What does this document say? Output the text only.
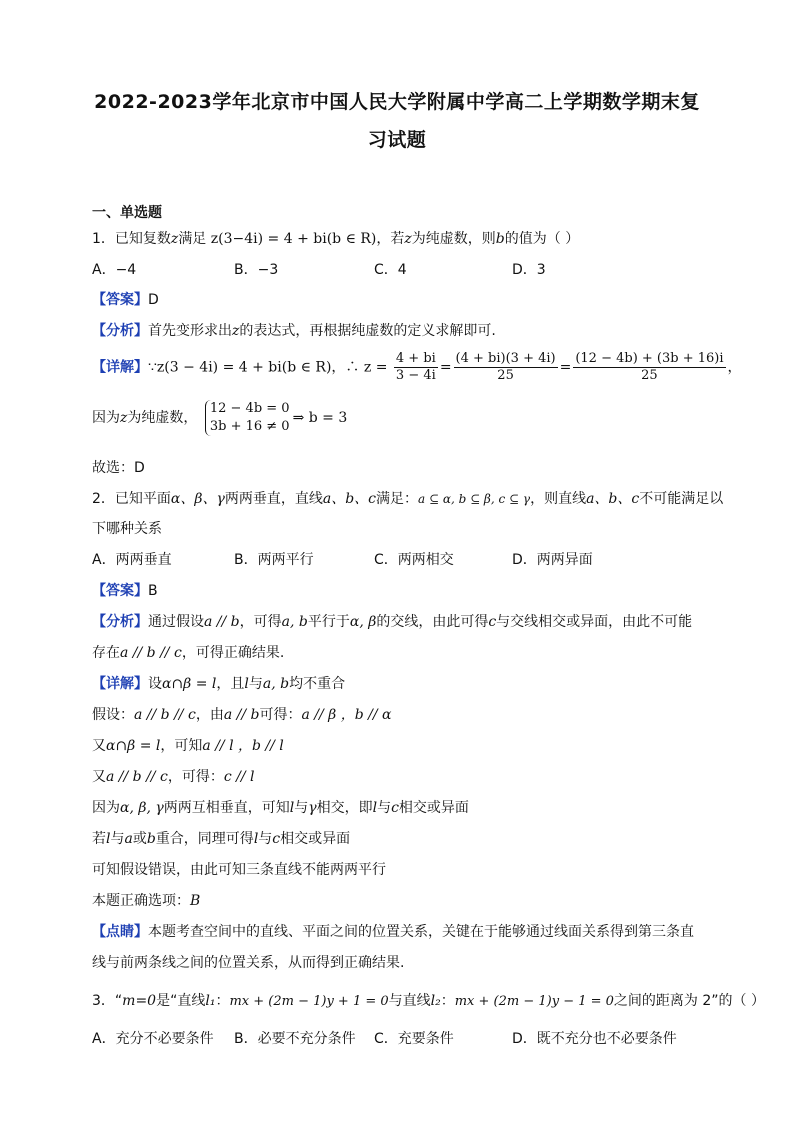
2022-2023学年北京市中国人民大学附属中学高二上学期数学期末复
习试题
一、单选题
1．已知复数z满足 z(3−4i) = 4 + bi(b ∈ R)，若z为纯虚数，则b的值为（ ）
A．−4	B．−3	C．4	D．3
【答案】D
【分析】首先变形求出z的表达式，再根据纯虚数的定义求解即可.
【详解】∵z(3 − 4i) = 4 + bi(b ∈ R)，∴ $z = \frac{4 + bi}{3 - 4i} = \frac{(4 + bi)(3 + 4i)}{25} = \frac{(12 - 4b) + (3b + 16)i}{25}$ ，
因为z为纯虚数，
12 − 4b = 0
3b + 16 ≠ 0
⇒ b = 3
故选：D
2．已知平面α、β、γ两两垂直，直线a、b、c满足：a ⊆ α, b ⊆ β, c ⊆ γ，则直线a、b、c不可能满足以
下哪种关系
A．两两垂直	B．两两平行	C．两两相交	D．两两异面
【答案】B
【分析】通过假设a // b，可得a, b平行于α, β的交线，由此可得c与交线相交或异面，由此不可能
存在a // b // c，可得正确结果.
【详解】设α∩β = l，且l与a, b均不重合
假设：a // b // c，由a // b可得：a // β ，b // α
又α∩β = l，可知a // l ，b // l
又a // b // c，可得：c // l
因为α, β, γ两两互相垂直，可知l与γ相交，即l与c相交或异面
若l与a或b重合，同理可得l与c相交或异面
可知假设错误，由此可知三条直线不能两两平行
本题正确选项：B
【点睛】本题考查空间中的直线、平面之间的位置关系，关键在于能够通过线面关系得到第三条直
线与前两条线之间的位置关系，从而得到正确结果.
3．“m=0是“直线l₁：mx + (2m − 1)y + 1 = 0与直线l₂：mx + (2m − 1)y − 1 = 0之间的距离为 2”的（ ）
A．充分不必要条件	B．必要不充分条件	C．充要条件	D．既不充分也不必要条件
